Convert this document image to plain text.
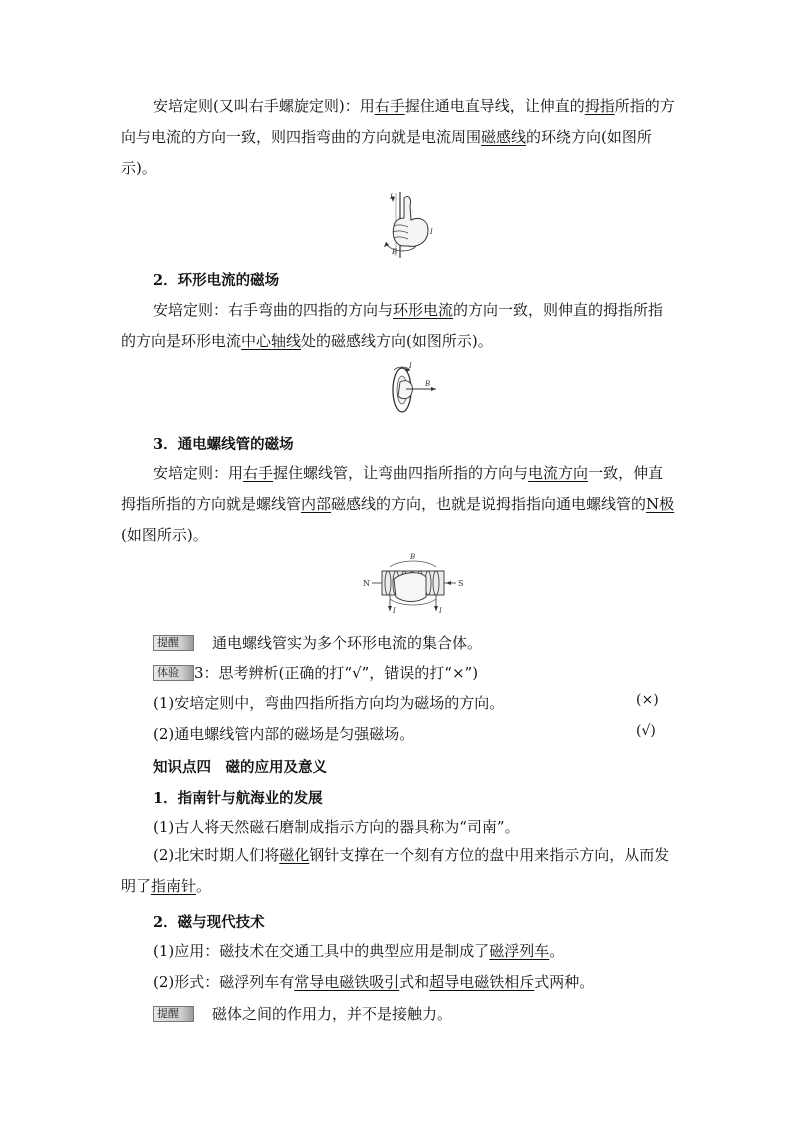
安培定则(又叫右手螺旋定则)：用右手握住通电直导线，让伸直的拇指所指的方向与电流的方向一致，则四指弯曲的方向就是电流周围磁感线的环绕方向(如图所示)。

I
I
B

2．环形电流的磁场

安培定则：右手弯曲的四指的方向与环形电流的方向一致，则伸直的拇指所指的方向是环形电流中心轴线处的磁感线方向(如图所示)。

I
B

3．通电螺线管的磁场

安培定则：用右手握住螺线管，让弯曲四指所指的方向与电流方向一致，伸直拇指所指的方向就是螺线管内部磁感线的方向，也就是说拇指指向通电螺线管的N极(如图所示)。

N	S
B
I	I

提醒 通电螺线管实为多个环形电流的集合体。

体验 3：思考辨析(正确的打“√”，错误的打“×”)

(1)安培定则中，弯曲四指所指方向均为磁场的方向。	(×)

(2)通电螺线管内部的磁场是匀强磁场。	(√)

知识点四　磁的应用及意义

1．指南针与航海业的发展

(1)古人将天然磁石磨制成指示方向的器具称为“司南”。

(2)北宋时期人们将磁化钢针支撑在一个刻有方位的盘中用来指示方向，从而发明了指南针。

2．磁与现代技术

(1)应用：磁技术在交通工具中的典型应用是制成了磁浮列车。

(2)形式：磁浮列车有常导电磁铁吸引式和超导电磁铁相斥式两种。

提醒 磁体之间的作用力，并不是接触力。
